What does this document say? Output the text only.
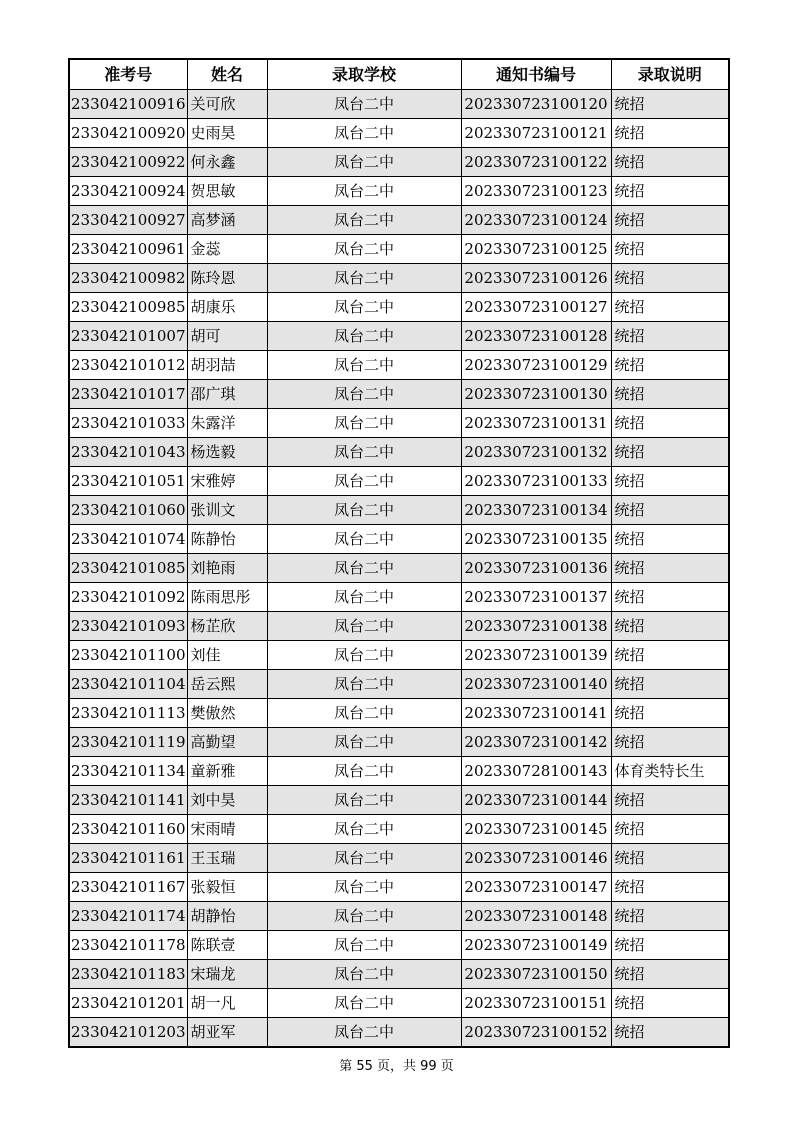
准考号	姓名	录取学校	通知书编号	录取说明
233042100916	关可欣	凤台二中	202330723100120	统招
233042100920	史雨昊	凤台二中	202330723100121	统招
233042100922	何永鑫	凤台二中	202330723100122	统招
233042100924	贺思敏	凤台二中	202330723100123	统招
233042100927	高梦涵	凤台二中	202330723100124	统招
233042100961	金蕊	凤台二中	202330723100125	统招
233042100982	陈玲恩	凤台二中	202330723100126	统招
233042100985	胡康乐	凤台二中	202330723100127	统招
233042101007	胡可	凤台二中	202330723100128	统招
233042101012	胡羽喆	凤台二中	202330723100129	统招
233042101017	邵广琪	凤台二中	202330723100130	统招
233042101033	朱露洋	凤台二中	202330723100131	统招
233042101043	杨选毅	凤台二中	202330723100132	统招
233042101051	宋雅婷	凤台二中	202330723100133	统招
233042101060	张训文	凤台二中	202330723100134	统招
233042101074	陈静怡	凤台二中	202330723100135	统招
233042101085	刘艳雨	凤台二中	202330723100136	统招
233042101092	陈雨思彤	凤台二中	202330723100137	统招
233042101093	杨芷欣	凤台二中	202330723100138	统招
233042101100	刘佳	凤台二中	202330723100139	统招
233042101104	岳云熙	凤台二中	202330723100140	统招
233042101113	樊傲然	凤台二中	202330723100141	统招
233042101119	高勤望	凤台二中	202330723100142	统招
233042101134	童新雅	凤台二中	202330728100143	体育类特长生
233042101141	刘中昊	凤台二中	202330723100144	统招
233042101160	宋雨晴	凤台二中	202330723100145	统招
233042101161	王玉瑞	凤台二中	202330723100146	统招
233042101167	张毅恒	凤台二中	202330723100147	统招
233042101174	胡静怡	凤台二中	202330723100148	统招
233042101178	陈联壹	凤台二中	202330723100149	统招
233042101183	宋瑞龙	凤台二中	202330723100150	统招
233042101201	胡一凡	凤台二中	202330723100151	统招
233042101203	胡亚军	凤台二中	202330723100152	统招
第 55 页，共 99 页
